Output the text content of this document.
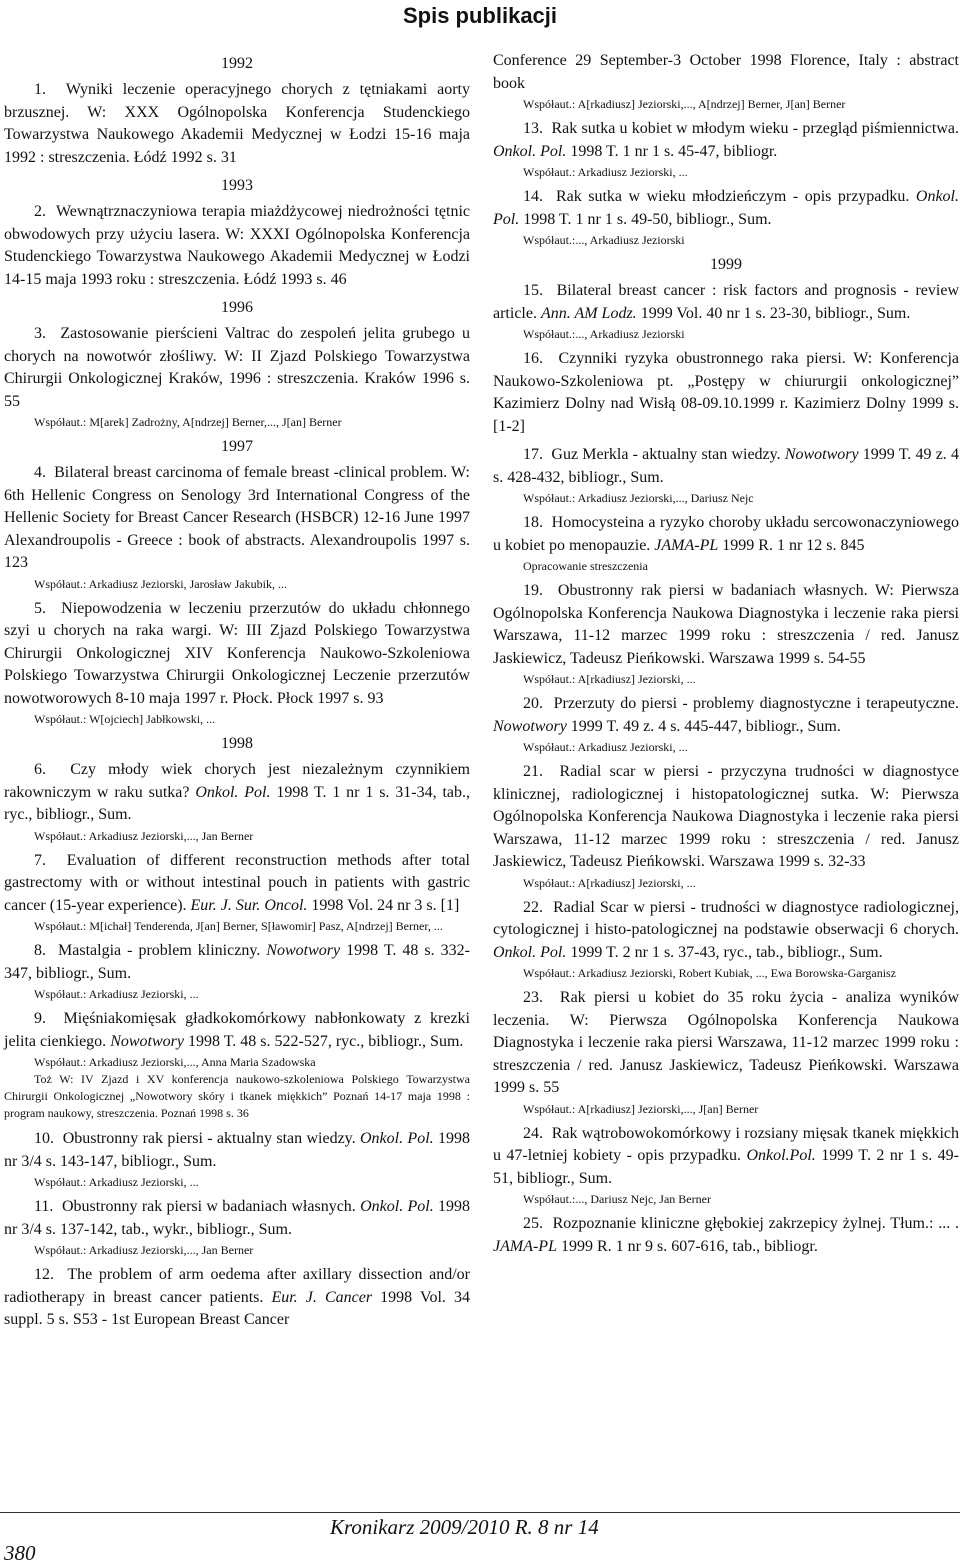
Spis publikacji
1992

1.  Wyniki leczenie operacyjnego chorych z tętniakami aorty brzusznej. W: XXX Ogólnopolska Konferencja Studenckiego Towarzystwa Naukowego Akademii Medycznej w Łodzi 15-16 maja 1992 : streszczenia. Łódź 1992 s. 31

1993

2.  Wewnątrznaczyniowa terapia miażdżycowej niedrożności tętnic obwodowych przy użyciu lasera. W: XXXI Ogólnopolska Konferencja Studenckiego Towarzystwa Naukowego Akademii Medycznej w Łodzi 14-15 maja 1993 roku : streszczenia. Łódź 1993 s. 46

1996

3.  Zastosowanie pierścieni Valtrac do zespoleń jelita grubego u chorych na nowotwór złośliwy. W: II Zjazd Polskiego Towarzystwa Chirurgii Onkologicznej Kraków, 1996 : streszczenia. Kraków 1996 s. 55

Współaut.: M[arek] Zadrożny, A[ndrzej] Berner,..., J[an] Berner
1997

4.  Bilateral breast carcinoma of female breast -clinical problem. W: 6th Hellenic Congress on Senology 3rd International Congress of the Hellenic Society for Breast Cancer Research (HSBCR) 12-16 June 1997 Alexandroupolis - Greece : book of abstracts. Alexandroupolis 1997 s. 123

Współaut.: Arkadiusz Jeziorski, Jarosław Jakubik, ...

5.  Niepowodzenia w leczeniu przerzutów do układu chłonnego szyi u chorych na raka wargi. W: III Zjazd Polskiego Towarzystwa Chirurgii Onkologicznej XIV Konferencja Naukowo-Szkoleniowa Polskiego Towarzystwa Chirurgii Onkologicznej Leczenie przerzutów nowotworowych 8-10 maja 1997 r. Płock. Płock 1997 s. 93

Współaut.: W[ojciech] Jabłkowski, ...
1998

6.  Czy młody wiek chorych jest niezależnym czynnikiem rakowniczym w raku sutka? Onkol. Pol. 1998 T. 1 nr 1 s. 31-34, tab., ryc., bibliogr., Sum.

Współaut.: Arkadiusz Jeziorski,..., Jan Berner

7.  Evaluation of different reconstruction methods after total gastrectomy with or without intestinal pouch in patients with gastric cancer (15-year experience). Eur. J. Sur. Oncol. 1998 Vol. 24 nr 3 s. [1]

Współaut.: M[ichał] Tenderenda, J[an] Berner, S[ławomir] Pasz, A[ndrzej] Berner, ...

8.  Mastalgia - problem kliniczny. Nowotwory 1998 T. 48 s. 332-347, bibliogr., Sum.

Współaut.: Arkadiusz Jeziorski, ...

9.  Mięśniakomięsak gładkokomórkowy nabłonkowaty z krezki jelita cienkiego. Nowotwory 1998 T. 48 s. 522-527, ryc., bibliogr., Sum.

Współaut.: Arkadiusz Jeziorski,..., Anna Maria Szadowska
Toż W: IV Zjazd i XV konferencja naukowo-szkoleniowa Polskiego Towarzystwa Chirurgii Onkologicznej „Nowotwory skóry i tkanek miękkich” Poznań 14-17 maja 1998 : program naukowy, streszczenia. Poznań 1998 s. 36

10.  Obustronny rak piersi - aktualny stan wiedzy. Onkol. Pol. 1998 nr 3/4 s. 143-147, bibliogr., Sum.

Współaut.: Arkadiusz Jeziorski, ...

11.  Obustronny rak piersi w badaniach własnych. Onkol. Pol. 1998 nr 3/4 s. 137-142, tab., wykr., bibliogr., Sum.

Współaut.: Arkadiusz Jeziorski,..., Jan Berner

12.  The problem of arm oedema after axillary dissection and/or radiotherapy in breast cancer patients. Eur. J. Cancer 1998 Vol. 34 suppl. 5 s. S53 - 1st European Breast Cancer

Conference 29 September-3 October 1998 Florence, Italy : abstract book

Współaut.: A[rkadiusz] Jeziorski,..., A[ndrzej] Berner, J[an] Berner

13.  Rak sutka u kobiet w młodym wieku - przegląd piśmiennictwa. Onkol. Pol. 1998 T. 1 nr 1 s. 45-47, bibliogr.

Współaut.: Arkadiusz Jeziorski, ...

14.  Rak sutka w wieku młodzieńczym - opis przypadku. Onkol. Pol. 1998 T. 1 nr 1 s. 49-50, bibliogr., Sum.

Współaut.:..., Arkadiusz Jeziorski
1999

15.  Bilateral breast cancer : risk factors and prognosis - review article. Ann. AM Lodz. 1999 Vol. 40 nr 1 s. 23-30, bibliogr., Sum.

Współaut.:..., Arkadiusz Jeziorski

16.  Czynniki ryzyka obustronnego raka piersi. W: Konferencja Naukowo-Szkoleniowa pt. „Postępy w chiururgii onkologicznej” Kazimierz Dolny nad Wisłą 08-09.10.1999 r. Kazimierz Dolny 1999 s. [1-2]

17.  Guz Merkla - aktualny stan wiedzy. Nowotwory 1999 T. 49 z. 4 s. 428-432, bibliogr., Sum.

Współaut.: Arkadiusz Jeziorski,..., Dariusz Nejc

18.  Homocysteina a ryzyko choroby układu sercowonaczyniowego u kobiet po menopauzie. JAMA-PL 1999 R. 1 nr 12 s. 845

Opracowanie streszczenia

19.  Obustronny rak piersi w badaniach własnych. W: Pierwsza Ogólnopolska Konferencja Naukowa Diagnostyka i leczenie raka piersi Warszawa, 11-12 marzec 1999 roku : streszczenia / red. Janusz Jaskiewicz, Tadeusz Pieńkowski. Warszawa 1999 s. 54-55

Współaut.: A[rkadiusz] Jeziorski, ...

20.  Przerzuty do piersi - problemy diagnostyczne i terapeutyczne. Nowotwory 1999 T. 49 z. 4 s. 445-447, bibliogr., Sum.

Współaut.: Arkadiusz Jeziorski, ...

21.  Radial scar w piersi - przyczyna trudności w diagnostyce klinicznej, radiologicznej i histopatologicznej sutka. W: Pierwsza Ogólnopolska Konferencja Naukowa Diagnostyka i leczenie raka piersi Warszawa, 11-12 marzec 1999 roku : streszczenia / red. Janusz Jaskiewicz, Tadeusz Pieńkowski. Warszawa 1999 s. 32-33

Współaut.: A[rkadiusz] Jeziorski, ...

22.  Radial Scar w piersi - trudności w diagnostyce radiologicznej, cytologicznej i histo-patologicznej na podstawie obserwacji 6 chorych. Onkol. Pol. 1999 T. 2 nr 1 s. 37-43, ryc., tab., bibliogr., Sum.

Współaut.: Arkadiusz Jeziorski, Robert Kubiak, ..., Ewa Borowska-Garganisz

23.  Rak piersi u kobiet do 35 roku życia - analiza wyników leczenia. W: Pierwsza Ogólnopolska Konferencja Naukowa Diagnostyka i leczenie raka piersi Warszawa, 11-12 marzec 1999 roku : streszczenia / red. Janusz Jaskiewicz, Tadeusz Pieńkowski. Warszawa 1999 s. 55

Współaut.: A[rkadiusz] Jeziorski,..., J[an] Berner

24.  Rak wątrobowokomórkowy i rozsiany mięsak tkanek miękkich u 47-letniej kobiety - opis przypadku. Onkol.Pol. 1999 T. 2 nr 1 s. 49-51, bibliogr., Sum.

Współaut.:..., Dariusz Nejc, Jan Berner

25.  Rozpoznanie kliniczne głębokiej zakrzepicy żylnej. Tłum.: ... . JAMA-PL 1999 R. 1 nr 9 s. 607-616, tab., bibliogr.

Kronikarz 2009/2010 R. 8 nr 14
380
